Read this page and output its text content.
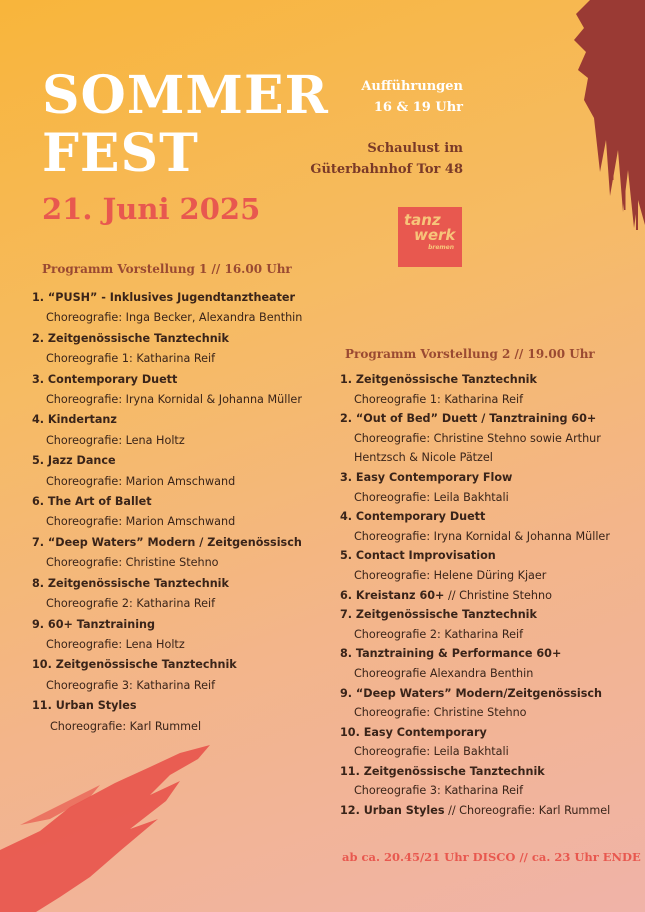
SOMMER
FEST
21. Juni 2025
Aufführungen
16 & 19 Uhr
Schaulust im
Güterbahnhof Tor 48
tanz
werk
bremen
Programm Vorstellung 1 // 16.00 Uhr
1. “PUSH” - Inklusives Jugendtanztheater
Choreografie: Inga Becker, Alexandra Benthin
2. Zeitgenössische Tanztechnik
Choreografie 1: Katharina Reif
3. Contemporary Duett
Choreografie: Iryna Kornidal & Johanna Müller
4. Kindertanz
Choreografie: Lena Holtz
5. Jazz Dance
Choreografie: Marion Amschwand
6. The Art of Ballet
Choreografie: Marion Amschwand
7. “Deep Waters” Modern / Zeitgenössisch
Choreografie: Christine Stehno
8. Zeitgenössische Tanztechnik
Choreografie 2: Katharina Reif
9. 60+ Tanztraining
Choreografie: Lena Holtz
10. Zeitgenössische Tanztechnik
Choreografie 3: Katharina Reif
11. Urban Styles
Choreografie: Karl Rummel
Programm Vorstellung 2 // 19.00 Uhr
1. Zeitgenössische Tanztechnik
Choreografie 1: Katharina Reif
2. “Out of Bed” Duett / Tanztraining 60+
Choreografie: Christine Stehno sowie Arthur
Hentzsch & Nicole Pätzel
3. Easy Contemporary Flow
Choreografie: Leila Bakhtali
4. Contemporary Duett
Choreografie: Iryna Kornidal & Johanna Müller
5. Contact Improvisation
Choreografie: Helene Düring Kjaer
6. Kreistanz 60+ // Christine Stehno
7. Zeitgenössische Tanztechnik
Choreografie 2: Katharina Reif
8. Tanztraining & Performance 60+
Choreografie Alexandra Benthin
9. “Deep Waters” Modern/Zeitgenössisch
Choreografie: Christine Stehno
10. Easy Contemporary
Choreografie: Leila Bakhtali
11. Zeitgenössische Tanztechnik
Choreografie 3: Katharina Reif
12. Urban Styles // Choreografie: Karl Rummel
ab ca. 20.45/21 Uhr DISCO // ca. 23 Uhr ENDE
